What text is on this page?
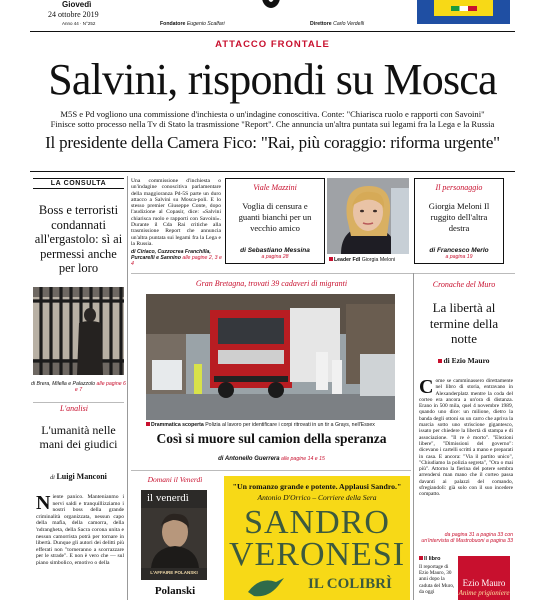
Giovedì
24 ottobre 2019
Anno 44 · N°252	Fondatore Eugenio Scalfari	Direttore Carlo Verdelli
ATTACCO FRONTALE
Salvini, rispondi su Mosca
M5S e Pd vogliono una commissione d'inchiesta o un'indagine conoscitiva. Conte: "Chiarisca ruolo e rapporti con Savoini"
Finisce sotto processo nella Tv di Stato la trasmissione "Report". Che annuncia un'altra puntata sui legami fra la Lega e la Russia
Il presidente della Camera Fico: "Rai, più coraggio: riforma urgente"
LA CONSULTA
Boss e terroristi condannati all'ergastolo: sì ai permessi anche per loro
di Brera, Milella e Palazzolo alle pagine 6 e 7
L'analisi
L'umanità nelle mani dei giudici
di Luigi Manconi
Niente panico. Mantenianmo i nervi saldi e tranquillizziamo i nostri boss della grande criminalità organizzata, nessun capo della mafia, della camorra, della 'ndrangheta, della Sacra corona unita e nessun camorrista potrà per tornare in libertà. Dunque gli autori dei delitti più efferati non "torneranno a scorrazzare per le strade". E non è vero che — sul piano simbolico, emotivo o della
Una commissione d'inchiesta o un'indagine conoscitiva parlamentare della maggioranza Pd-5S parte un duro attacco a Salvini su Mosca-poli. E lo stesso premier Giuseppe Conte, dopo l'audizione al Copasir, dice: «Salvini chiarisca ruolo e rapporti con Savoini». Durante il Cda Rai critiche alla trasmissione Report che annuncia un'altra puntata sui legami fra la Lega e la Russia.
di Ciriaco, Cuzzocrea Franchilla, Purcarelli e Sannino alle pagine 2, 3 e 4
Viale Mazzini
Voglia di censura e guanti bianchi per un vecchio amico
di Sebastiano Messina
a pagina 28	Leader FdI Giorgia Meloni
Il personaggio
Giorgia Meloni Il ruggito dell'altra destra
di Francesco Merlo
a pagina 19
Gran Bretagna, trovati 39 cadaveri di migranti
Drammatica scoperta Polizia al lavoro per identificare i corpi ritrovati in un tir a Grays, nell'Essex
Così si muore sul camion della speranza
di Antonello Guerrera alle pagine 14 e 15
Cronache del Muro
La libertà al termine della notte
di Ezio Mauro
Come se camminassero direttamente nel libro di storia, entravano in Alexanderplatz mentre la coda del corteo era ancora a un'ora di distanza. Erano in 500 mila, quel 4 novembre 1989, quando uno dice: un milione, dietro la banda degli ottoni su un carro che apriva la marcia sotto uno striscione gigantesco, issato per chiedere la libertà di stampa e di associazione. "Il re è morto". "Elezioni libere", "Dimissioni del governo": dicevano i cartelli scritti a mano e preparati in casa. E ancora: "Via il partito unico", "Chiudiamo la polizia segreta", "Ora o mai più". Attorno la fierina del potere sembra arrendersi man mano che il corteo passa davanti ai palazzi del comando, sfregiandoli: già solo con il suo incedere compatto.
da pagina 31 a pagina 33 con un'intervista di Mastrobuoni a pagina 33
Il libro
Il reportage di Ezio Mauro, 30 anni dopo la caduta del Muro, da oggi
Ezio Mauro
Anime prigioniere
Domani il Venerdì
il venerdì
L'AFFAIRE POLANSKI
Polanski
"Un romanzo grande e potente. Applausi Sandro."
Antonio D'Orrico – Corriere della Sera
SANDRO
VERONESI
IL COLIBRÌ
